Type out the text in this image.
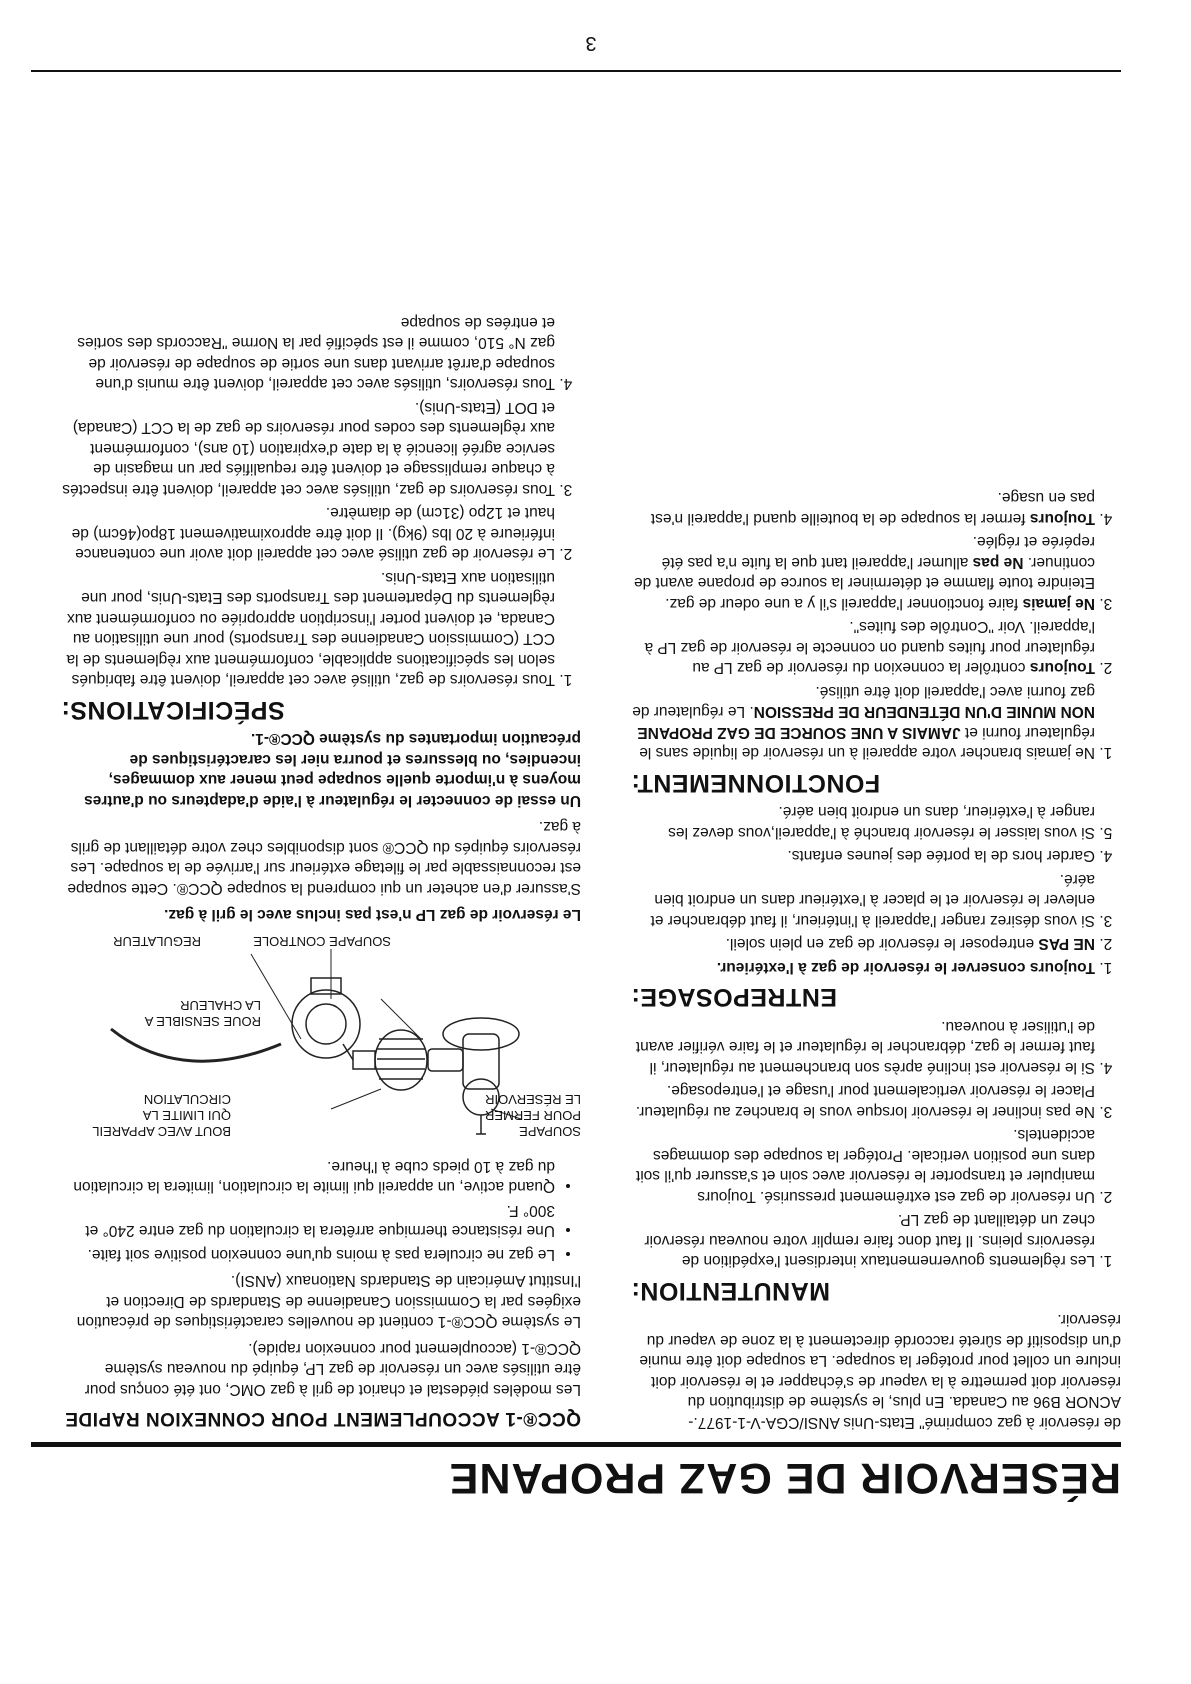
RÉSERVOIR DE GAZ PROPANE

de réservoir à gaz comprimé" Etats-Unis ANSI/CGA-V-1-1977.- ACNOR B96 au Canada. En plus, le système de distribution du réservoir doit permettre à la vapeur de s'échapper et le réservoir doit inclure un collet pour protéger la soupape. La soupape doit être munie d'un dispositif de sûreté raccordé directement à la zone de vapeur du réservoir.

MANUTENTION:
1. Les règlements gouvernementaux interdisent l'expédition de réservoirs pleins. Il faut donc faire remplir votre nouveau réservoir chez un détaillant de gaz LP.
2. Un réservoir de gaz est extrêmement pressurisé. Toujours manipuler et transporter le réservoir avec soin et s'assurer qu'il soit dans une position verticale. Protéger la soupape des dommages accidentels.
3. Ne pas incliner le réservoir lorsque vous le branchez au régulateur. Placer le réservoir verticalement pour l'usage et l'entreposage.
4. Si le réservoir est incliné après son branchement au régulateur, il faut fermer le gaz, débrancher le régulateur et le faire vérifier avant de l'utiliser à nouveau.
ENTREPOSAGE:
1. Toujours conserver le réservoir de gaz à l'extérieur.
2. NE PAS entreposer le réservoir de gaz en plein soleil.
3. Si vous désirez ranger l'appareil à l'intérieur, il faut débrancher et enlever le réservoir et le placer à l'extérieur dans un endroit bien aéré.
4. Garder hors de la portée des jeunes enfants.
5. Si vous laisser le réservoir branché à l'appareil,vous devez les ranger à l'extérieur, dans un endroit bien aéré.
FONCTIONNEMENT:
1. Ne jamais brancher votre appareil à un réservoir de liquide sans le régulateur fourni et JAMAIS A UNE SOURCE DE GAZ PROPANE NON MUNIE D'UN DÉTENDEUR DE PRESSION. Le régulateur de gaz fourni avec l'appareil doit être utilisé.
2. Toujours contrôler la connexion du réservoir de gaz LP au régulateur pour fuites quand on connecte le réservoir de gaz LP à l'appareil. Voir "Contrôle des fuites".
3. Ne jamais faire fonctionner l'appareil s'il y a une odeur de gaz. Eteindre toute flamme et déterminer la source de propane avant de continuer. Ne pas allumer l'appareil tant que la fuite n'a pas été repérée et réglée.
4. Toujours fermer la soupape de la bouteille quand l'appareil n'est pas en usage.
QCC®-1 ACCOUPLEMENT POUR CONNEXION RAPIDE

Les modèles piédestal et chariot de gril à gaz OMC, ont été conçus pour être utilisés avec un réservoir de gaz LP, équipé du nouveau système QCC®-1 (accouplement pour connexion rapide).

Le système QCC®-1 contient de nouvelles caractéristiques de précaution exigées par la Commission Canadienne de Standards de Direction et l'Institut Américain de Standards Nationaux (ANSI).

• Le gaz ne circulera pas à moins qu'une connexion positive soit faite.
• Une résistance thermique arrêtera la circulation du gaz entre 240° et 300° F.
• Quand active, un appareil qui limite la circulation, limitera la circulation du gaz à 10 pieds cube à l'heure.
BOUT AVEC APPAREIL QUI LIMITE LA CIRCULATION
SOUPAPE POUR FERMER LE RÉSERVOIR
ROUE SENSIBLE A LA CHALEUR
SOUPAPE CONTROLE
REGULATEUR

Le réservoir de gaz LP n'est pas inclus avec le gril à gaz.

S'assurer d'en acheter un qui comprend la soupape QCC®. Cette soupape est reconnaissable par le filetage extérieur sur l'arrivée de la soupape. Les réservoirs équipés du QCC® sont disponibles chez votre détaillant de grils à gaz.

Un essai de connecter le régulateur à l'aide d'adapteurs ou d'autres moyens à n'importe quelle soupape peut mener aux dommages, incendies, ou blessures et pourra nier les caractéristiques de précaution importantes du système QCC®-1.

SPÉCIFICATIONS:
1. Tous réservoirs de gaz, utilisé avec cet appareil, doivent être fabriqués selon les spécifications applicable, conformément aux règlements de la CCT (Commission Canadienne des Transports) pour une utilisation au Canada, et doivent porter l'inscription appropriée ou conformément aux règlements du Département des Transports des Etats-Unis, pour une utilisation aux Etats-Unis.
2. Le réservoir de gaz utilisé avec cet appareil doit avoir une contenance inférieure à 20 lbs (9kg). Il doit être approximativement 18po(46cm) de haut et 12po (31cm) de diamètre.
3. Tous réservoirs de gaz, utilisés avec cet appareil, doivent être inspectés à chaque remplissage et doivent être requalifiés par un magasin de service agréé licencié à la date d'expiration (10 ans), conformément aux règlements des codes pour réservoirs de gaz de la CCT (Canada) et DOT (Etats-Unis).
4. Tous réservoirs, utilisés avec cet appareil, doivent être munis d'une soupape d'arrêt arrivant dans une sortie de soupape de réservoir de gaz N° 510, comme il est spécifié par la Norme "Raccords des sorties et entrées de soupape
3
